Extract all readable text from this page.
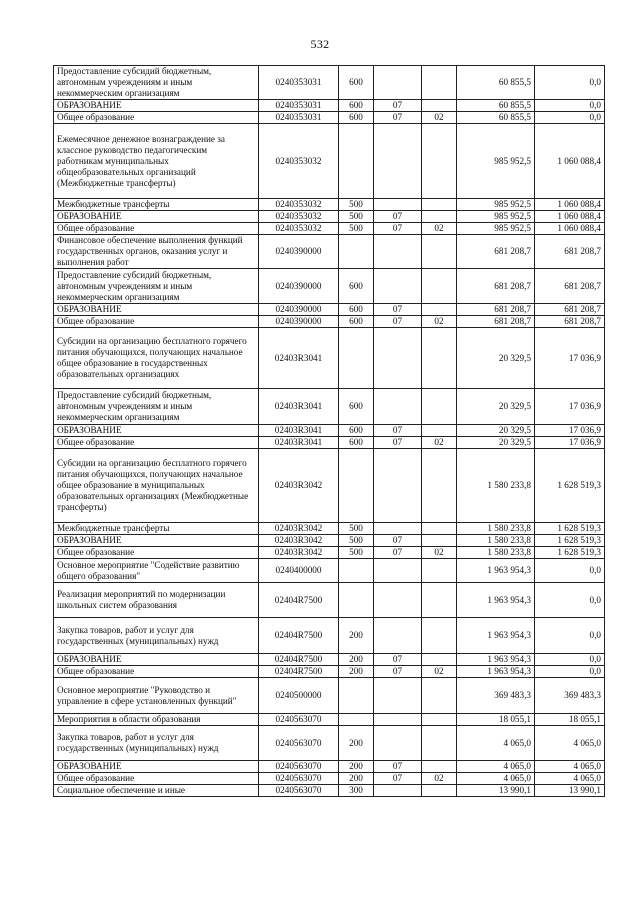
532
Предоставление субсидий бюджетным, автономным учреждениям и иным некоммерческим организациям	0240353031	600			60 855,5	0,0
ОБРАЗОВАНИЕ	0240353031	600	07		60 855,5	0,0
Общее образование	0240353031	600	07	02	60 855,5	0,0
Ежемесячное денежное вознаграждение за классное руководство педагогическим работникам муниципальных общеобразовательных организаций (Межбюджетные трансферты)	0240353032				985 952,5	1 060 088,4
Межбюджетные трансферты	0240353032	500			985 952,5	1 060 088,4
ОБРАЗОВАНИЕ	0240353032	500	07		985 952,5	1 060 088,4
Общее образование	0240353032	500	07	02	985 952,5	1 060 088,4
Финансовое обеспечение выполнения функций государственных органов, оказания услуг и выполнения работ	0240390000				681 208,7	681 208,7
Предоставление субсидий бюджетным, автономным учреждениям и иным некоммерческим организациям	0240390000	600			681 208,7	681 208,7
ОБРАЗОВАНИЕ	0240390000	600	07		681 208,7	681 208,7
Общее образование	0240390000	600	07	02	681 208,7	681 208,7
Субсидии на организацию бесплатного горячего питания обучающихся, получающих начальное общее образование в государственных образовательных организациях	02403R3041				20 329,5	17 036,9
Предоставление субсидий бюджетным, автономным учреждениям и иным некоммерческим организациям	02403R3041	600			20 329,5	17 036,9
ОБРАЗОВАНИЕ	02403R3041	600	07		20 329,5	17 036,9
Общее образование	02403R3041	600	07	02	20 329,5	17 036,9
Субсидии на организацию бесплатного горячего питания обучающихся, получающих начальное общее образование в муниципальных образовательных организациях (Межбюджетные трансферты)	02403R3042				1 580 233,8	1 628 519,3
Межбюджетные трансферты	02403R3042	500			1 580 233,8	1 628 519,3
ОБРАЗОВАНИЕ	02403R3042	500	07		1 580 233,8	1 628 519,3
Общее образование	02403R3042	500	07	02	1 580 233,8	1 628 519,3
Основное мероприятие "Содействие развитию общего образования"	0240400000				1 963 954,3	0,0
Реализация мероприятий по модернизации школьных систем образования	02404R7500				1 963 954,3	0,0
Закупка товаров, работ и услуг для государственных (муниципальных) нужд	02404R7500	200			1 963 954,3	0,0
ОБРАЗОВАНИЕ	02404R7500	200	07		1 963 954,3	0,0
Общее образование	02404R7500	200	07	02	1 963 954,3	0,0
Основное мероприятие "Руководство и управление в сфере установленных функций"	0240500000				369 483,3	369 483,3
Мероприятия в области образования	0240563070				18 055,1	18 055,1
Закупка товаров, работ и услуг для государственных (муниципальных) нужд	0240563070	200			4 065,0	4 065,0
ОБРАЗОВАНИЕ	0240563070	200	07		4 065,0	4 065,0
Общее образование	0240563070	200	07	02	4 065,0	4 065,0
Социальное обеспечение и иные	0240563070	300			13 990,1	13 990,1
